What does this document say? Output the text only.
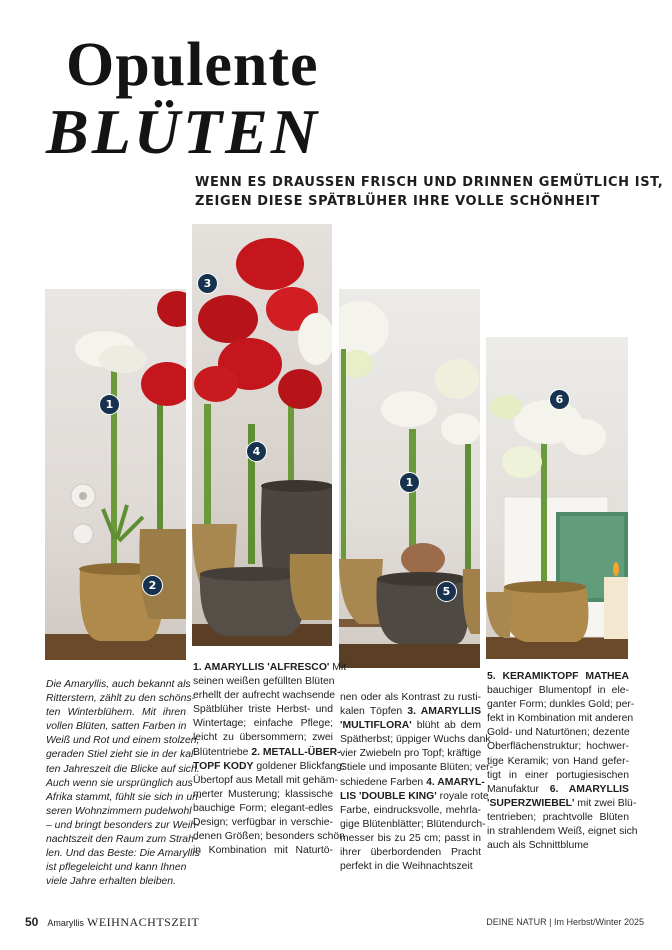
Opulente
BLÜTEN
WENN ES DRAUSSEN FRISCH UND DRINNEN GEMÜTLICH IST,
ZEIGEN DIESE SPÄTBLÜHER IHRE VOLLE SCHÖNHEIT
1
2
3
4
1
5
6
Die Amaryllis, auch bekannt als
Ritterstern, zählt zu den schöns-
ten Winterblühern. Mit ihren
vollen Blüten, satten Farben in
Weiß und Rot und einem stolzen,
geraden Stiel zieht sie in der kal-
ten Jahreszeit die Blicke auf sich.
Auch wenn sie ursprünglich aus
Afrika stammt, fühlt sie sich in un-
seren Wohnzimmern pudelwohl
– und bringt besonders zur Weih-
nachtszeit den Raum zum Strah-
len. Und das Beste: Die Amaryllis
ist pflegeleicht und kann Ihnen
viele Jahre erhalten bleiben.
1. AMARYLLIS 'ALFRESCO' Mit
seinen weißen gefüllten Blüten
erhellt der aufrecht wachsende
Spätblüher triste Herbst- und
Wintertage; einfache Pflege;
leicht zu übersommern; zwei
Blütentriebe 2. METALL-ÜBER-
TOPF KODY goldener Blickfang:
Übertopf aus Metall mit gehäm-
merter Musterung; klassische
bauchige Form; elegant-edles
Design; verfügbar in verschie-
denen Größen; besonders schön
in Kombination mit Naturtö-
nen oder als Kontrast zu rusti-
kalen Töpfen 3. AMARYLLIS
'MULTIFLORA' blüht ab dem
Spätherbst; üppiger Wuchs dank
vier Zwiebeln pro Topf; kräftige
Stiele und imposante Blüten; ver-
schiedene Farben 4. AMARYL-
LIS 'DOUBLE KING' royale rote
Farbe, eindrucksvolle, mehrla-
gige Blütenblätter; Blütendurch-
messer bis zu 25 cm; passt in
ihrer überbordenden Pracht
perfekt in die Weihnachtszeit
5. KERAMIKTOPF MATHEA
bauchiger Blumentopf in ele-
ganter Form; dunkles Gold; per-
fekt in Kombination mit anderen
Gold- und Naturtönen; dezente
Oberflächenstruktur; hochwer-
tige Keramik; von Hand gefer-
tigt in einer portugiesischen
Manufaktur 6. AMARYLLIS
'SUPERZWIEBEL' mit zwei Blü-
tentrieben; prachtvolle Blüten
in strahlendem Weiß, eignet sich
auch als Schnittblume
50 Amaryllis WEIHNACHTSZEIT	DEINE NATUR | Im Herbst/Winter 2025
